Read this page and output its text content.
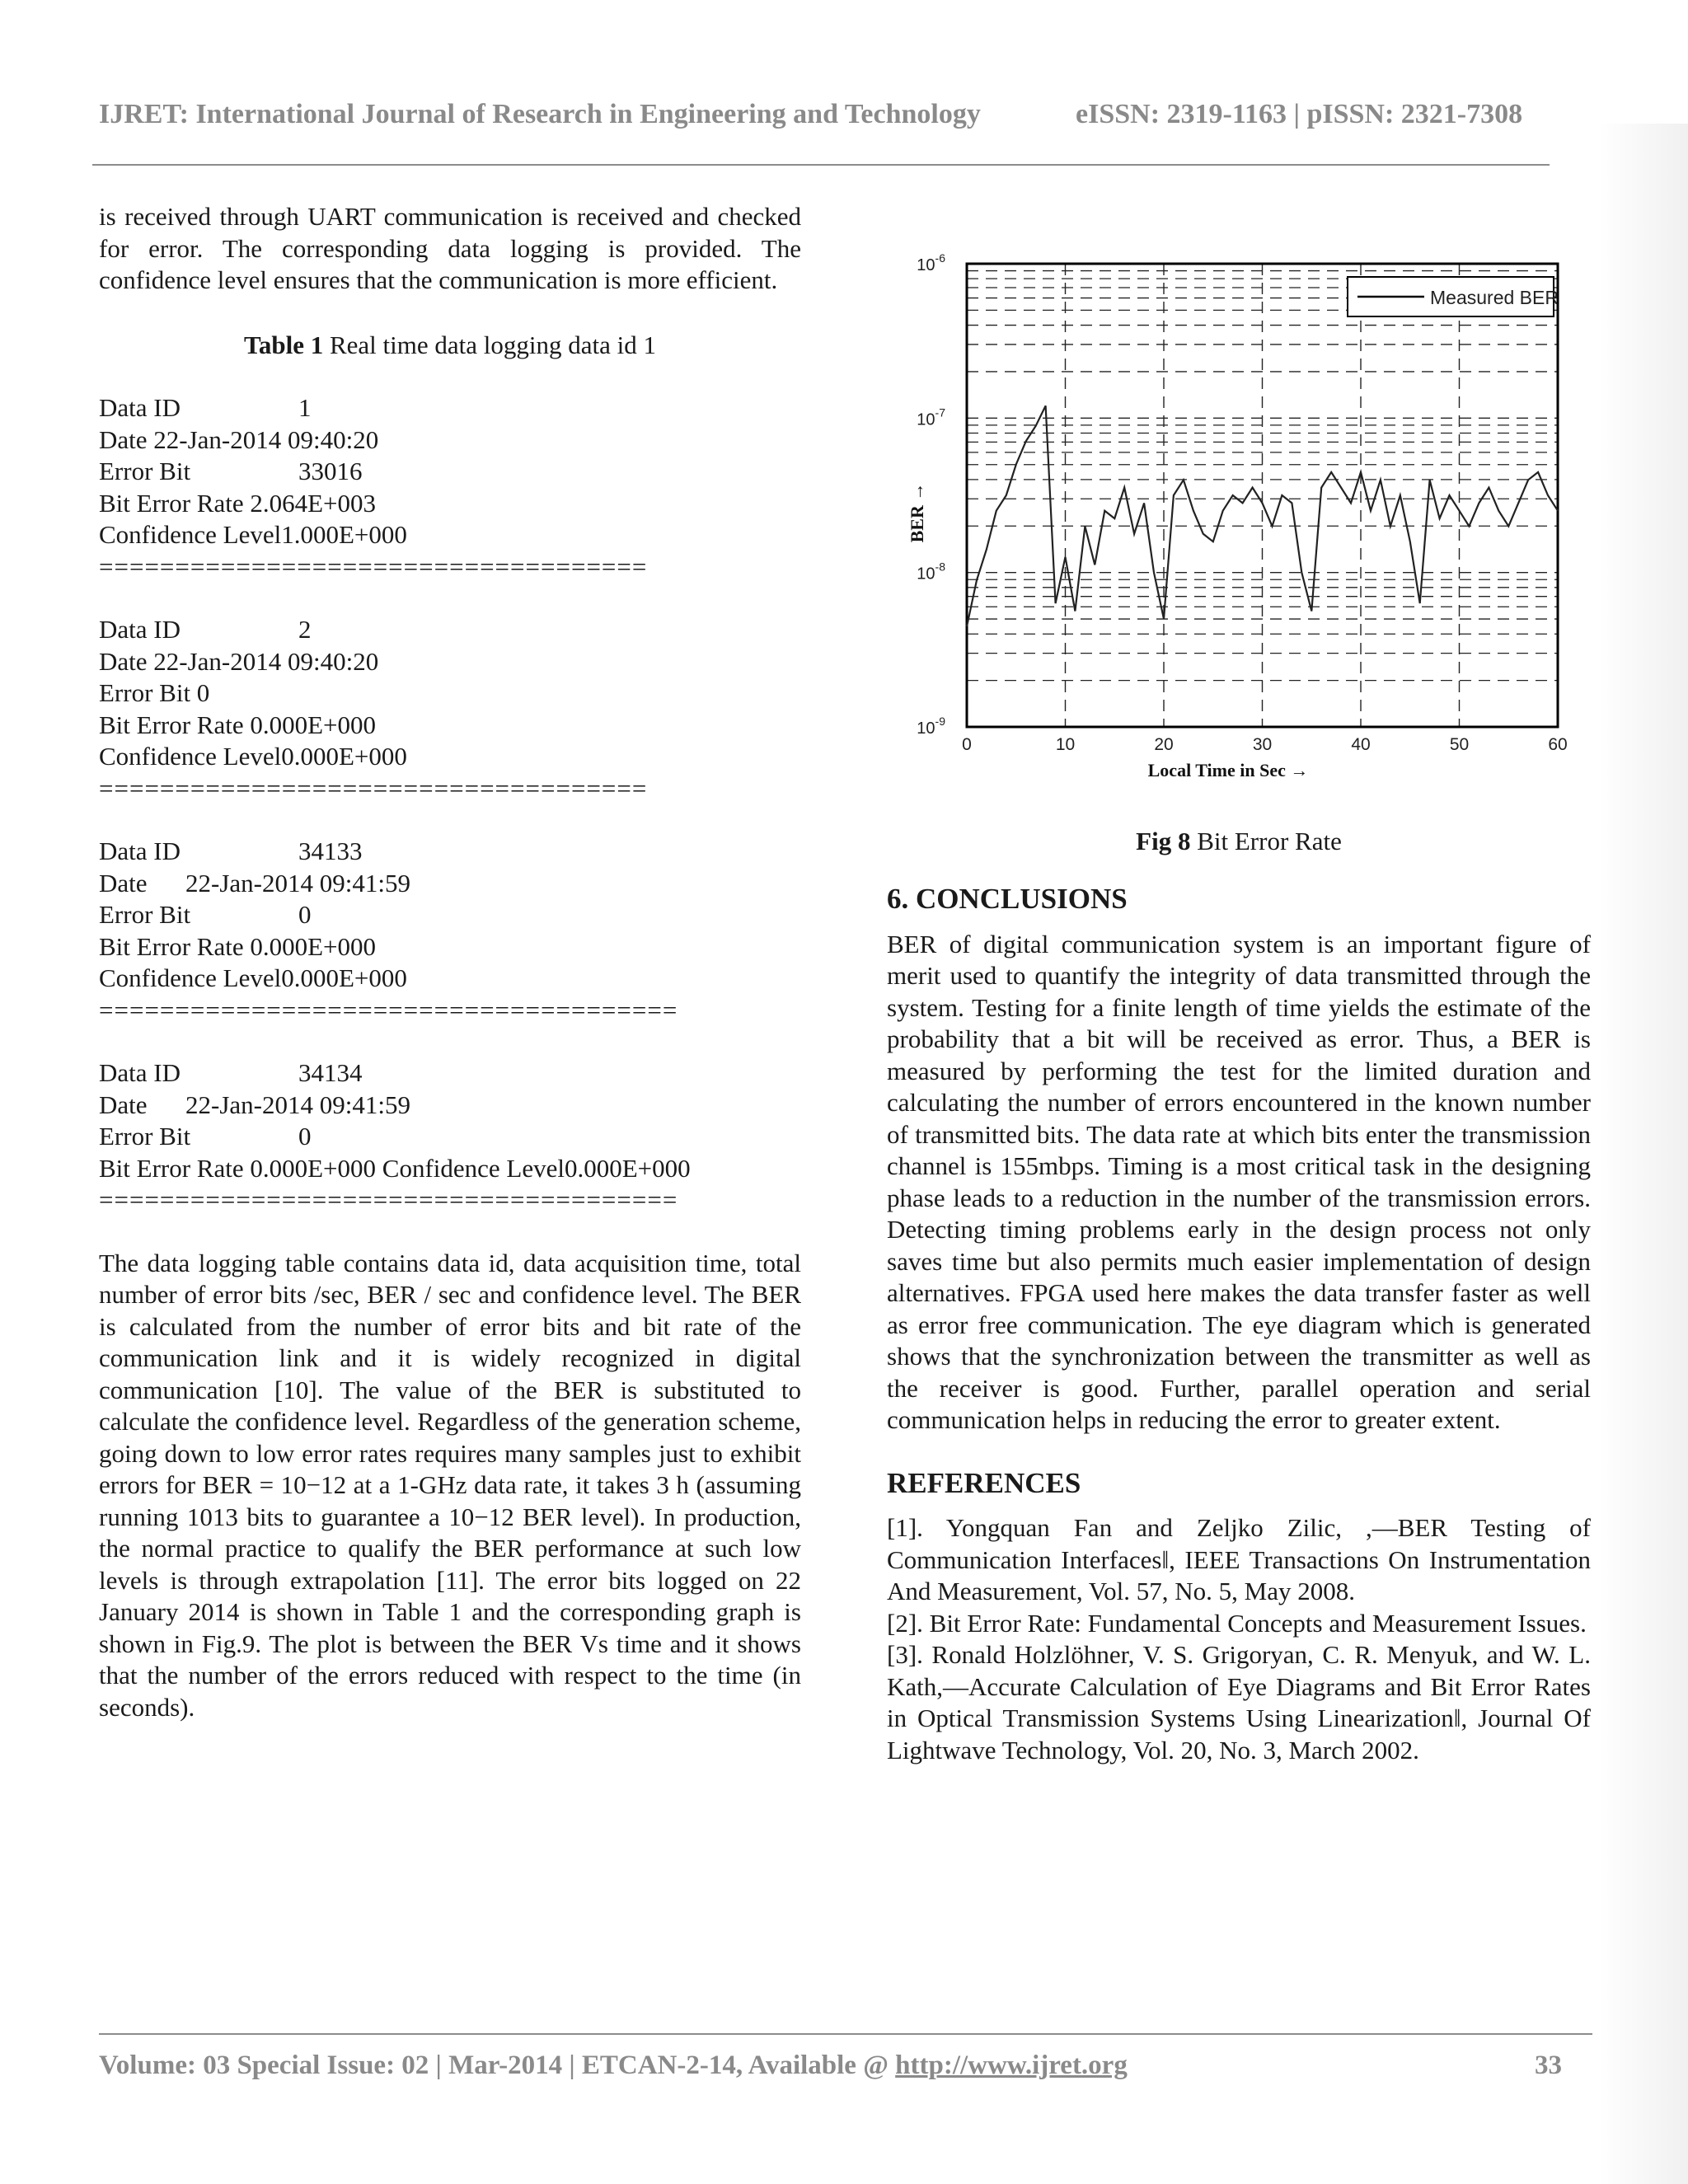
IJRET: International Journal of Research in Engineering and Technology	eISSN: 2319-1163 | pISSN: 2321-7308

is received through UART communication is received and checked for error. The corresponding data logging is provided. The confidence level ensures that the communication is more efficient.

Table 1 Real time data logging data id 1

Data ID	1
Date 22-Jan-2014 09:40:20
Error Bit	33016
Bit Error Rate 2.064E+003
Confidence Level1.000E+000
====================================
Data ID	2
Date 22-Jan-2014 09:40:20
Error Bit 0
Bit Error Rate 0.000E+000
Confidence Level0.000E+000
====================================
Data ID	34133
Date      22-Jan-2014 09:41:59
Error Bit	0
Bit Error Rate 0.000E+000
Confidence Level0.000E+000
======================================
Data ID	34134
Date      22-Jan-2014 09:41:59
Error Bit	0
Bit Error Rate 0.000E+000 Confidence Level0.000E+000
======================================

The data logging table contains data id, data acquisition time, total number of error bits /sec, BER / sec and confidence level. The BER is calculated from the number of error bits and bit rate of the communication link and it is widely recognized in digital communication [10]. The value of the BER is substituted to calculate the confidence level. Regardless of the generation scheme, going down to low error rates requires many samples just to exhibit errors for BER = 10−12 at a 1-GHz data rate, it takes 3 h (assuming running 1013 bits to guarantee a 10−12 BER level). In production, the normal practice to qualify the BER performance at such low levels is through extrapolation [11]. The error bits logged on 22 January 2014 is shown in Table 1 and the corresponding graph is shown in Fig.9. The plot is between the BER Vs time and it shows that the number of the errors reduced with respect to the time (in seconds).

0	10	20	30	40	50	60
$10^{-6}$
$10^{-7}$
$10^{-8}$
$10^{-9}$
Measured BER
BER →
Local Time in Sec →
Fig 8 Bit Error Rate
6. CONCLUSIONS

BER of digital communication system is an important figure of merit used to quantify the integrity of data transmitted through the system. Testing for a finite length of time yields the estimate of the probability that a bit will be received as error. Thus, a BER is measured by performing the test for the limited duration and calculating the number of errors encountered in the known number of transmitted bits. The data rate at which bits enter the transmission channel is 155mbps. Timing is a most critical task in the designing phase leads to a reduction in the number of the transmission errors. Detecting timing problems early in the design process not only saves time but also permits much easier implementation of design alternatives. FPGA used here makes the data transfer faster as well as error free communication. The eye diagram which is generated shows that the synchronization between the transmitter as well as the receiver is good. Further, parallel operation and serial communication helps in reducing the error to greater extent.

REFERENCES

[1]. Yongquan Fan and Zeljko Zilic, ,―BER Testing of Communication Interfaces‖, IEEE Transactions On Instrumentation And Measurement, Vol. 57, No. 5, May 2008.

[2]. Bit Error Rate: Fundamental Concepts and Measurement Issues.

[3]. Ronald Holzlöhner, V. S. Grigoryan, C. R. Menyuk, and W. L. Kath,―Accurate Calculation of Eye Diagrams and Bit Error Rates in Optical Transmission Systems Using Linearization‖, Journal Of Lightwave Technology, Vol. 20, No. 3, March 2002.

Volume: 03 Special Issue: 02 | Mar-2014 | ETCAN-2-14, Available @ http://www.ijret.org	33
